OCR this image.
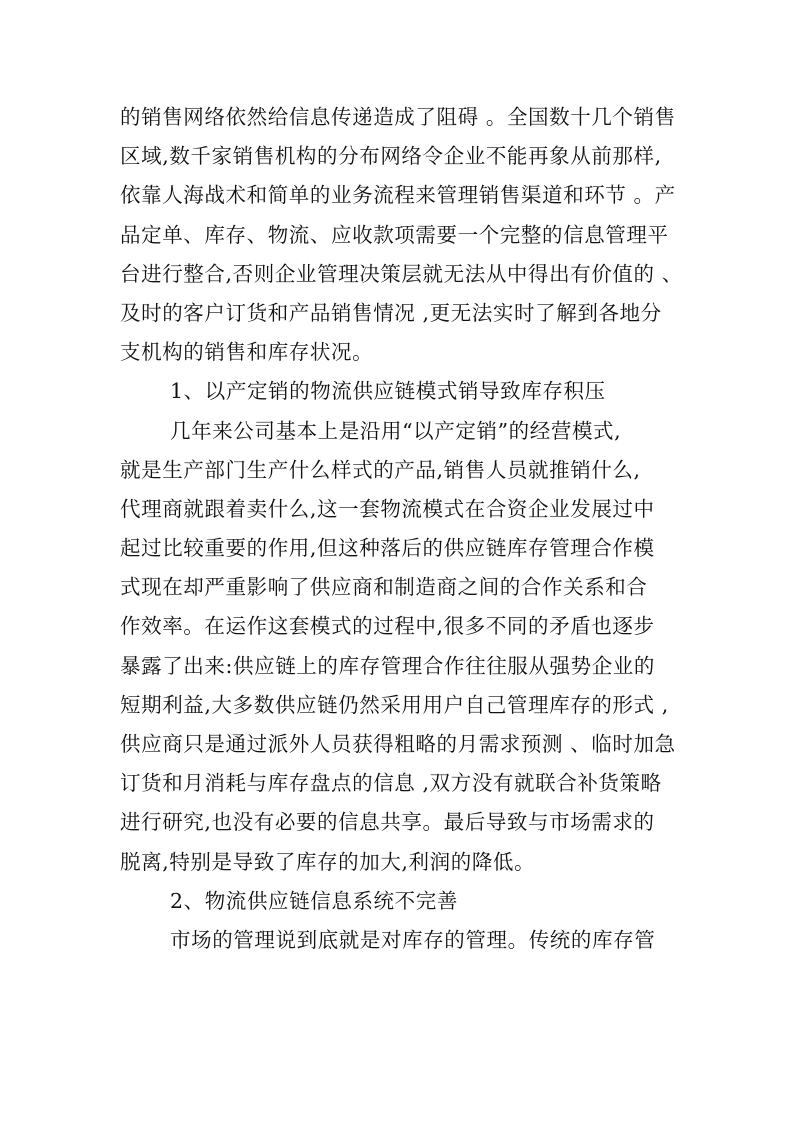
的销售网络依然给信息传递造成了阻碍 。全国数十几个销售
区域,数千家销售机构的分布网络令企业不能再象从前那样,
依靠人海战术和简单的业务流程来管理销售渠道和环节 。产
品定单、库存、物流、应收款项需要一个完整的信息管理平
台进行整合,否则企业管理决策层就无法从中得出有价值的 、
及时的客户订货和产品销售情况 ,更无法实时了解到各地分
支机构的销售和库存状况。
1、以产定销的物流供应链模式销导致库存积压
几年来公司基本上是沿用“以产定销”的经营模式,
就是生产部门生产什么样式的产品,销售人员就推销什么,
代理商就跟着卖什么,这一套物流模式在合资企业发展过中
起过比较重要的作用,但这种落后的供应链库存管理合作模
式现在却严重影响了供应商和制造商之间的合作关系和合
作效率。在运作这套模式的过程中,很多不同的矛盾也逐步
暴露了出来:供应链上的库存管理合作往往服从强势企业的
短期利益,大多数供应链仍然采用用户自己管理库存的形式 ,
供应商只是通过派外人员获得粗略的月需求预测 、临时加急
订货和月消耗与库存盘点的信息 ,双方没有就联合补货策略
进行研究,也没有必要的信息共享。最后导致与市场需求的
脱离,特别是导致了库存的加大,利润的降低。
2、物流供应链信息系统不完善
市场的管理说到底就是对库存的管理。传统的库存管
